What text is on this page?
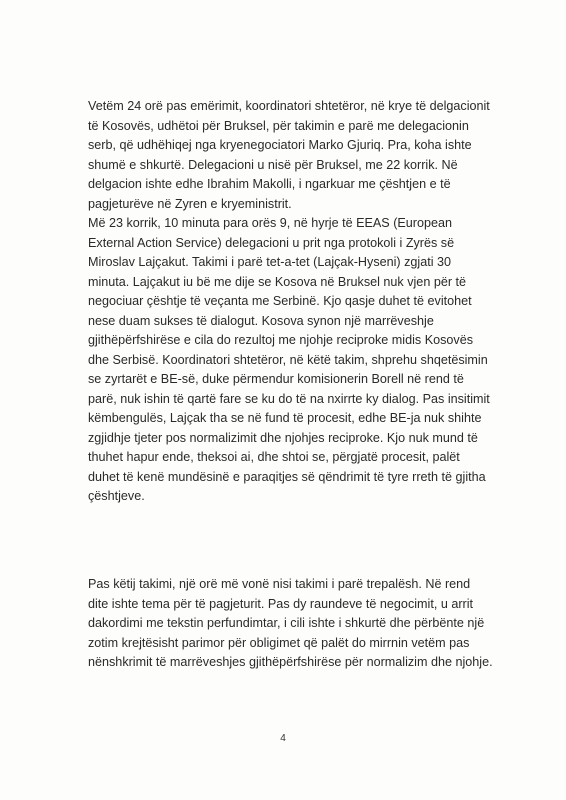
Vetëm 24 orë pas emërimit, koordinatori shtetëror, në krye të delgacionit
të Kosovës, udhëtoi për Bruksel, për takimin e parë me delegacionin
serb, që udhëhiqej nga kryenegociatori Marko Gjuriq. Pra, koha ishte
shumë e shkurtë. Delegacioni u nisë për Bruksel, me 22 korrik. Në
delgacion ishte edhe Ibrahim Makolli, i ngarkuar me çështjen e të
pagjeturëve në Zyren e kryeministrit.
Më 23 korrik, 10 minuta para orës 9, në hyrje të EEAS (European
External Action Service) delegacioni u prit nga protokoli i Zyrës së
Miroslav Lajçakut. Takimi i parë tet-a-tet (Lajçak-Hyseni) zgjati 30
minuta. Lajçakut iu bë me dije se Kosova në Bruksel nuk vjen për të
negociuar çështje të veçanta me Serbinë. Kjo qasje duhet të evitohet
nese duam sukses të dialogut. Kosova synon një marrëveshje
gjithëpërfshirëse e cila do rezultoj me njohje reciproke midis Kosovës
dhe Serbisë. Koordinatori shtetëror, në këtë takim, shprehu shqetësimin
se zyrtarët e BE-së, duke përmendur komisionerin Borell në rend të
parë, nuk ishin të qartë fare se ku do të na nxirrte ky dialog. Pas insitimit
këmbengulës, Lajçak tha se në fund të procesit, edhe BE-ja nuk shihte
zgjidhje tjeter pos normalizimit dhe njohjes reciproke. Kjo nuk mund të
thuhet hapur ende, theksoi ai, dhe shtoi se, përgjatë procesit, palët
duhet të kenë mundësinë e paraqitjes së qëndrimit të tyre rreth të gjitha
çështjeve.
Pas këtij takimi, një orë më vonë nisi takimi i parë trepalësh. Në rend
dite ishte tema për të pagjeturit. Pas dy raundeve të negocimit, u arrit
dakordimi me tekstin perfundimtar, i cili ishte i shkurtë dhe përbënte një
zotim krejtësisht parimor për obligimet që palët do mirrnin vetëm pas
nënshkrimit të marrëveshjes gjithëpërfshirëse për normalizim dhe njohje.
4
